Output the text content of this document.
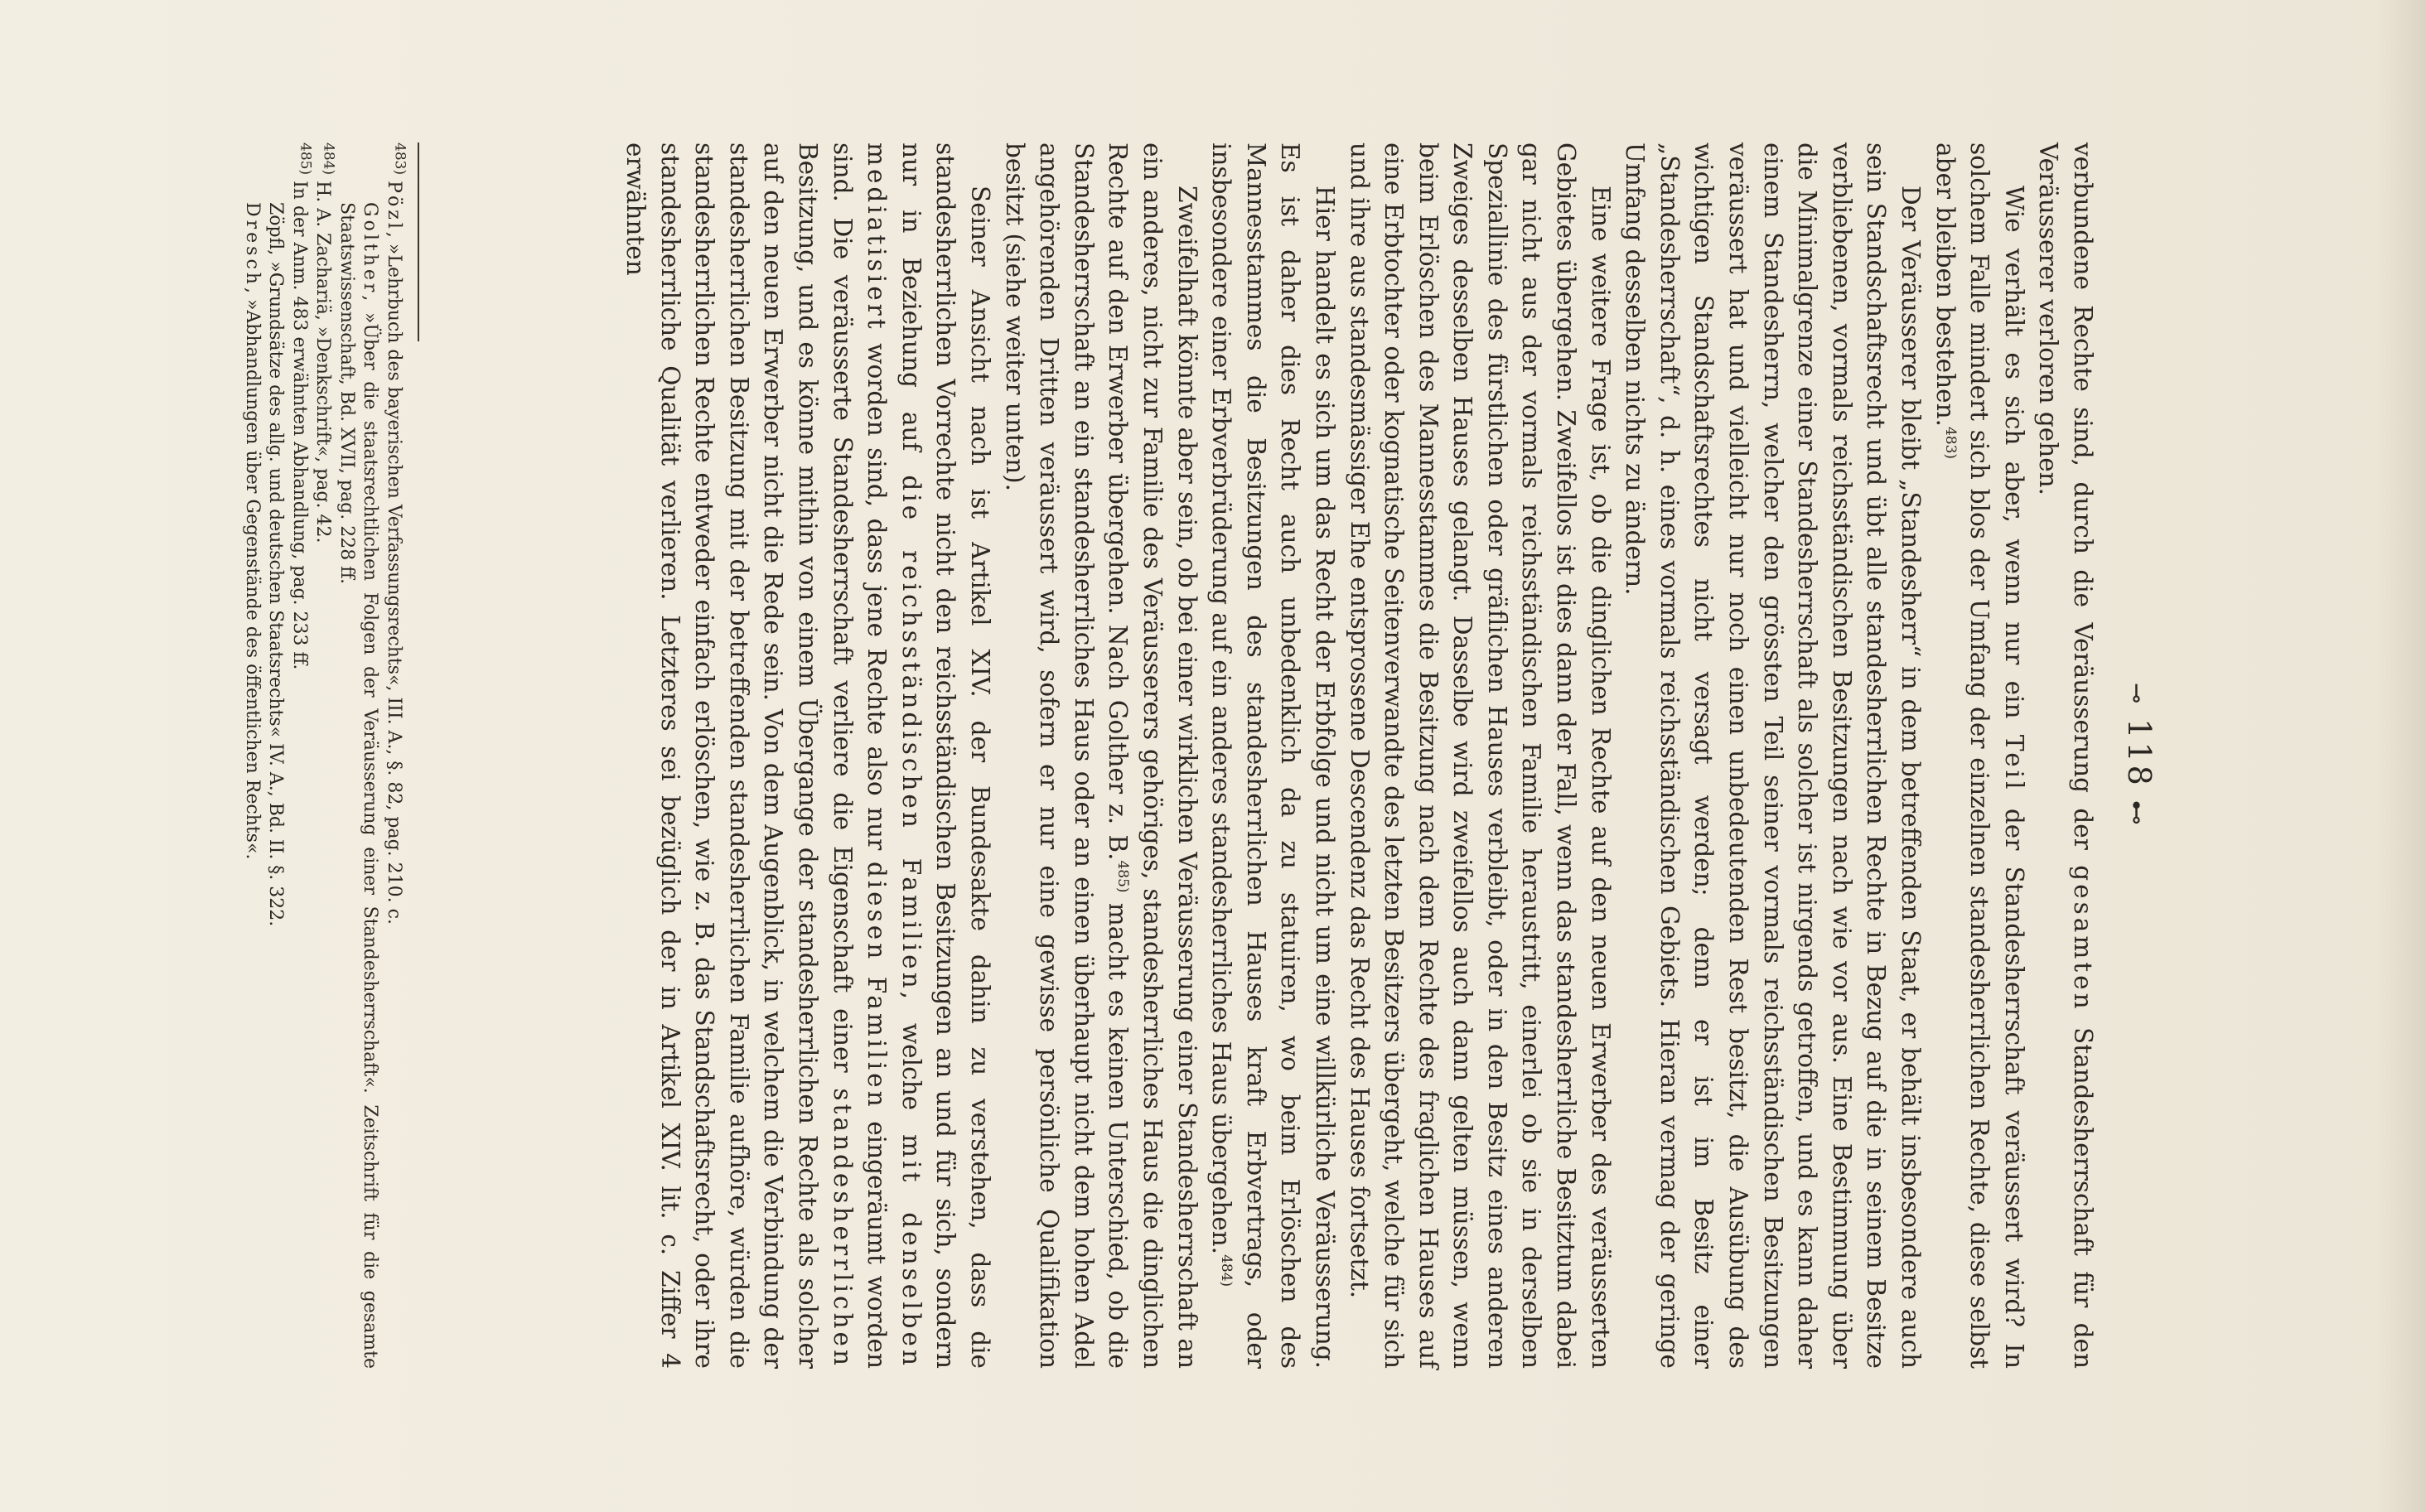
⊸118⊷

verbundene Rechte sind, durch die Veräusserung der gesamten Standesherrschaft für den Veräusserer verloren gehen.

Wie verhält es sich aber, wenn nur ein Teil der Standesherrschaft veräussert wird? In solchem Falle mindert sich blos der Umfang der einzelnen standesherrlichen Rechte, diese selbst aber bleiben bestehen.$^{483)}$

Der Veräusserer bleibt „Standesherr“ in dem betreffenden Staat, er behält insbesondere auch sein Standschaftsrecht und übt alle standesherrlichen Rechte in Bezug auf die in seinem Besitze verbliebenen, vormals reichsständischen Besitzungen nach wie vor aus. Eine Bestimmung über die Minimalgrenze einer Standesherrschaft als solcher ist nirgends getroffen, und es kann daher einem Standesherrn, welcher den grössten Teil seiner vormals reichsständischen Besitzungen veräussert hat und vielleicht nur noch einen unbedeutenden Rest besitzt, die Ausübung des wichtigen Standschaftsrechtes nicht versagt werden; denn er ist im Besitz einer „Standesherrschaft“, d. h. eines vormals reichsständischen Gebiets. Hieran vermag der geringe Umfang desselben nichts zu ändern.

Eine weitere Frage ist, ob die dinglichen Rechte auf den neuen Erwerber des veräusserten Gebietes übergehen. Zweifellos ist dies dann der Fall, wenn das standesherrliche Besitztum dabei gar nicht aus der vormals reichsständischen Familie heraustritt, einerlei ob sie in derselben Speziallinie des fürstlichen oder gräflichen Hauses verbleibt, oder in den Besitz eines anderen Zweiges desselben Hauses gelangt. Dasselbe wird zweifellos auch dann gelten müssen, wenn beim Erlöschen des Mannesstammes die Besitzung nach dem Rechte des fraglichen Hauses auf eine Erbtochter oder kognatische Seitenverwandte des letzten Besitzers übergeht, welche für sich und ihre aus standesmässiger Ehe entsprossene Descendenz das Recht des Hauses fortsetzt.

Hier handelt es sich um das Recht der Erbfolge und nicht um eine willkürliche Veräusserung. Es ist daher dies Recht auch unbedenklich da zu statuiren, wo beim Erlöschen des Mannesstammes die Besitzungen des standesherrlichen Hauses kraft Erbvertrags, oder insbesondere einer Erbverbrüderung auf ein anderes standesherrliches Haus übergehen.$^{484)}$

Zweifelhaft könnte aber sein, ob bei einer wirklichen Veräusserung einer Standesherrschaft an ein anderes, nicht zur Familie des Veräusserers gehöriges, standesherrliches Haus die dinglichen Rechte auf den Erwerber übergehen. Nach Golther z. B.$^{485)}$ macht es keinen Unterschied, ob die Standesherrschaft an ein standesherrliches Haus oder an einen überhaupt nicht dem hohen Adel angehörenden Dritten veräussert wird, sofern er nur eine gewisse persönliche Qualifikation besitzt (siehe weiter unten).

Seiner Ansicht nach ist Artikel XIV. der Bundesakte dahin zu verstehen, dass die standesherrlichen Vorrechte nicht den reichsständischen Besitzungen an und für sich, sondern nur in Beziehung auf die reichsständischen Familien, welche mit denselben mediatisiert worden sind, dass jene Rechte also nur diesen Familien eingeräumt worden sind. Die veräusserte Standesherrschaft verliere die Eigenschaft einer standesherrlichen Besitzung, und es könne mithin von einem Übergange der standesherrlichen Rechte als solcher auf den neuen Erwerber nicht die Rede sein. Von dem Augenblick, in welchem die Verbindung der standesherrlichen Besitzung mit der betreffenden standesherrlichen Familie aufhöre, würden die standesherrlichen Rechte entweder einfach erlöschen, wie z. B. das Standschaftsrecht, oder ihre standesherrliche Qualität verlieren. Letzteres sei bezüglich der in Artikel XIV. lit. c. Ziffer 4 erwähnten

$^{483)}$ Pözl, »Lehrbuch des bayerischen Verfassungsrechts«, III. A., §. 82, pag. 210. c.

Golther, »Über die staatsrechtlichen Folgen der Veräusserung einer Standesherrschaft«. Zeitschrift für die gesamte Staatswissenschaft, Bd. XVII, pag. 228 ff.

$^{484)}$ H. A. Zachariä, »Denkschrift«, pag. 42.

$^{485)}$ In der Anm. 483 erwähnten Abhandlung, pag. 233 ff.

Zöpfl, »Grundsätze des allg. und deutschen Staatsrechts« IV. A., Bd. II. §. 322.

Dresch, »Abhandlungen über Gegenstände des öffentlichen Rechts«.
